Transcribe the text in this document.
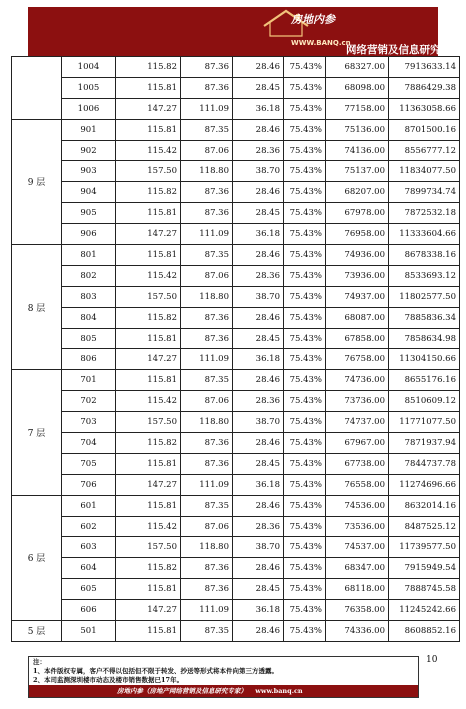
房地内参
WWW.BANQ.cn
网络营销及信息研究专家
	1004	115.82	87.36	28.46	75.43%	68327.00	7913633.14
	1005	115.81	87.36	28.45	75.43%	68098.00	7886429.38
	1006	147.27	111.09	36.18	75.43%	77158.00	11363058.66
9 层	901	115.81	87.35	28.46	75.43%	75136.00	8701500.16
	902	115.42	87.06	28.36	75.43%	74136.00	8556777.12
	903	157.50	118.80	38.70	75.43%	75137.00	11834077.50
	904	115.82	87.36	28.46	75.43%	68207.00	7899734.74
	905	115.81	87.36	28.45	75.43%	67978.00	7872532.18
	906	147.27	111.09	36.18	75.43%	76958.00	11333604.66
8 层	801	115.81	87.35	28.46	75.43%	74936.00	8678338.16
	802	115.42	87.06	28.36	75.43%	73936.00	8533693.12
	803	157.50	118.80	38.70	75.43%	74937.00	11802577.50
	804	115.82	87.36	28.46	75.43%	68087.00	7885836.34
	805	115.81	87.36	28.45	75.43%	67858.00	7858634.98
	806	147.27	111.09	36.18	75.43%	76758.00	11304150.66
7 层	701	115.81	87.35	28.46	75.43%	74736.00	8655176.16
	702	115.42	87.06	28.36	75.43%	73736.00	8510609.12
	703	157.50	118.80	38.70	75.43%	74737.00	11771077.50
	704	115.82	87.36	28.46	75.43%	67967.00	7871937.94
	705	115.81	87.36	28.45	75.43%	67738.00	7844737.78
	706	147.27	111.09	36.18	75.43%	76558.00	11274696.66
6 层	601	115.81	87.35	28.46	75.43%	74536.00	8632014.16
	602	115.42	87.06	28.36	75.43%	73536.00	8487525.12
	603	157.50	118.80	38.70	75.43%	74537.00	11739577.50
	604	115.82	87.36	28.46	75.43%	68347.00	7915949.54
	605	115.81	87.36	28.45	75.43%	68118.00	7888745.58
	606	147.27	111.09	36.18	75.43%	76358.00	11245242.66
5 层	501	115.81	87.35	28.46	75.43%	74336.00	8608852.16
注：
1、本件版权专属，客户不得以包括但不限于转发、抄送等形式将本件向第三方透露。
2、本司监测深圳楼市动态及楼市销售数据已17年。
房地内参（房地产网络营销及信息研究专家） www.banq.cn
10
